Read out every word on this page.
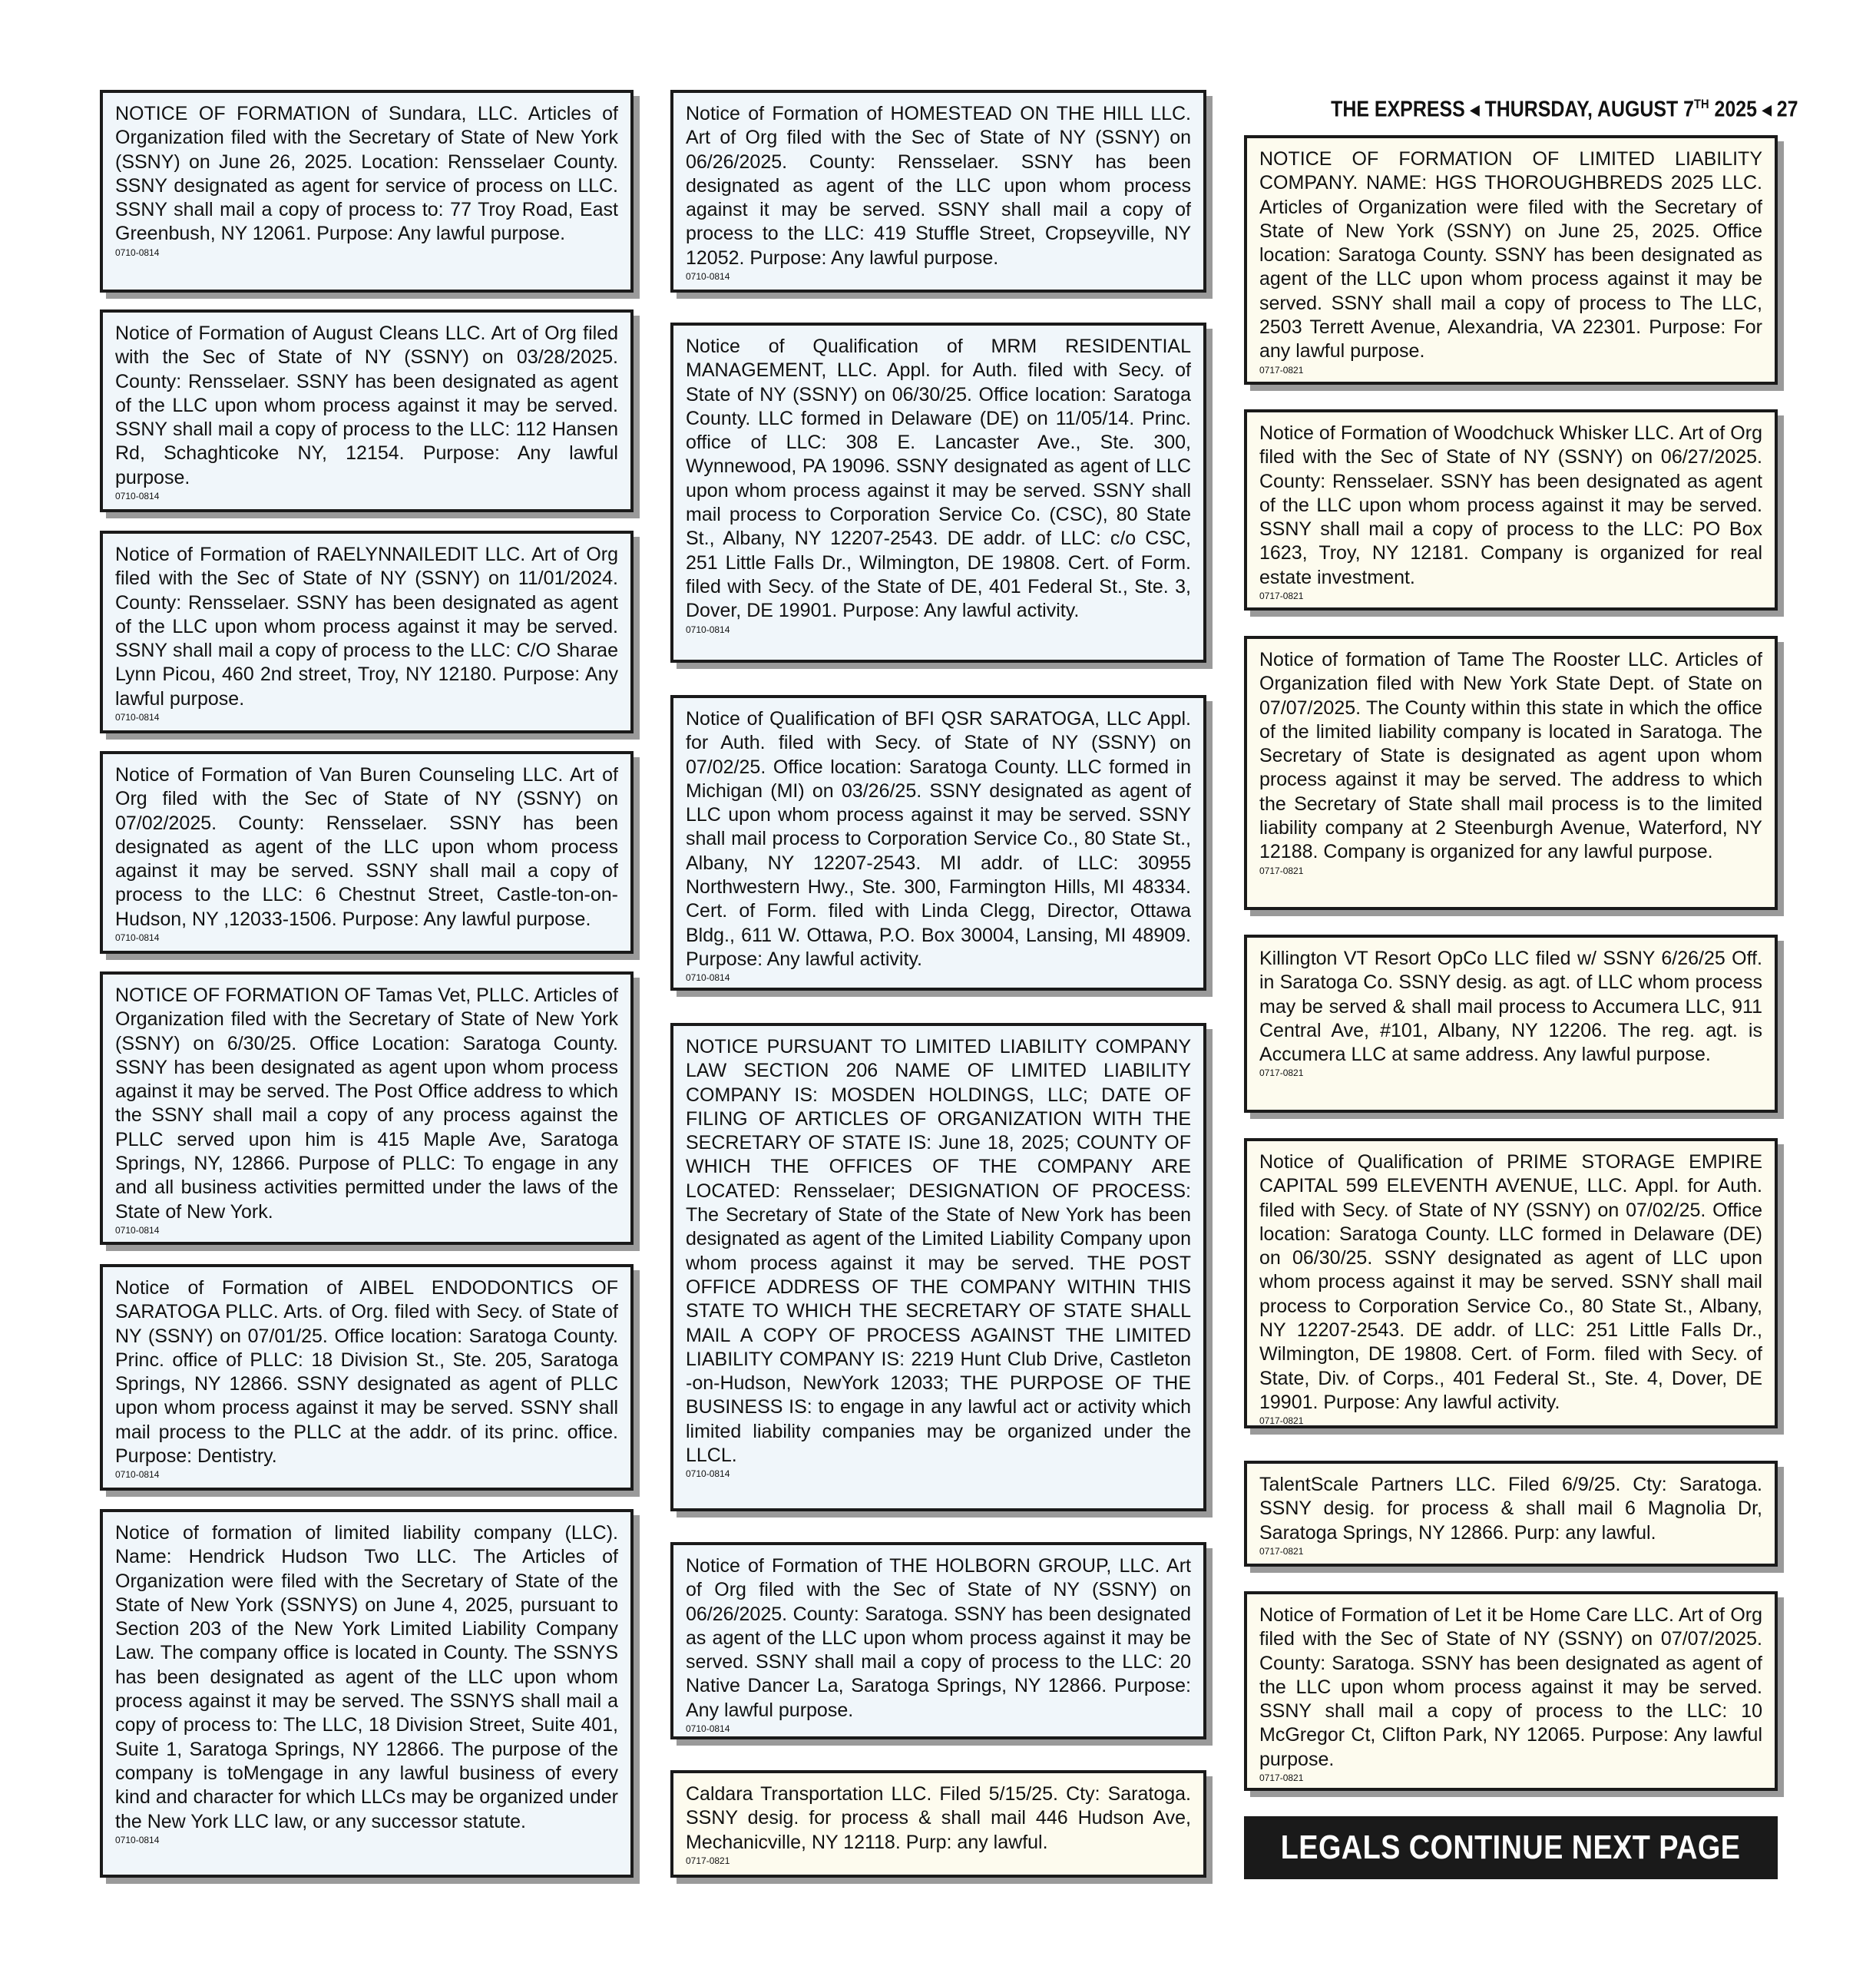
THE EXPRESS ◀ THURSDAY, AUGUST 7TH 2025 ◀ 27

NOTICE OF FORMATION of Sundara, LLC. Articles of Organization filed with the Secretary of State of New York (SSNY) on June 26, 2025. Location: Rensselaer County. SSNY designated as agent for service of process on LLC. SSNY shall mail a copy of process to: 77 Troy Road, East Greenbush, NY 12061. Purpose: Any lawful purpose.

0710-0814

Notice of Formation of August Cleans LLC. Art of Org filed with the Sec of State of NY (SSNY) on 03/28/2025. County: Rensselaer. SSNY has been designated as agent of the LLC upon whom process against it may be served. SSNY shall mail a copy of process to the LLC: 112 Hansen Rd, Schaghticoke NY, 12154. Purpose: Any lawful purpose.

0710-0814

Notice of Formation of RAELYNNAILEDIT LLC. Art of Org filed with the Sec of State of NY (SSNY) on 11/01/2024. County: Rensselaer. SSNY has been designated as agent of the LLC upon whom process against it may be served. SSNY shall mail a copy of process to the LLC: C/O Sharae Lynn Picou, 460 2nd street, Troy, NY 12180. Purpose: Any lawful purpose.

0710-0814

Notice of Formation of Van Buren Counseling LLC. Art of Org filed with the Sec of State of NY (SSNY) on 07/02/2025. County: Rensselaer. SSNY has been designated as agent of the LLC upon whom process against it may be served. SSNY shall mail a copy of process to the LLC: 6 Chestnut Street, Castle-ton-on-Hudson, NY ,12033-1506. Purpose: Any lawful purpose.

0710-0814

NOTICE OF FORMATION OF Tamas Vet, PLLC. Articles of Organization filed with the Secretary of State of New York (SSNY) on 6/30/25. Office Location: Saratoga County. SSNY has been designated as agent upon whom process against it may be served. The Post Office address to which the SSNY shall mail a copy of any process against the PLLC served upon him is 415 Maple Ave, Saratoga Springs, NY, 12866. Purpose of PLLC: To engage in any and all business activities permitted under the laws of the State of New York.

0710-0814

Notice of Formation of AIBEL ENDODONTICS OF SARATOGA PLLC. Arts. of Org. filed with Secy. of State of NY (SSNY) on 07/01/25. Office location: Saratoga County. Princ. office of PLLC: 18 Division St., Ste. 205, Saratoga Springs, NY 12866. SSNY designated as agent of PLLC upon whom process against it may be served. SSNY shall mail process to the PLLC at the addr. of its princ. office. Purpose: Dentistry.

0710-0814

Notice of formation of limited liability company (LLC). Name: Hendrick Hudson Two LLC. The Articles of Organization were filed with the Secretary of State of the State of New York (SSNYS) on June 4, 2025, pursuant to Section 203 of the New York Limited Liability Company Law. The company office is located in County. The SSNYS has been designated as agent of the LLC upon whom process against it may be served. The SSNYS shall mail a copy of process to: The LLC, 18 Division Street, Suite 401, Suite 1, Saratoga Springs, NY 12866. The purpose of the company is toMengage in any lawful business of every kind and character for which LLCs may be organized under the New York LLC law, or any successor statute.

0710-0814

Notice of Formation of HOMESTEAD ON THE HILL LLC. Art of Org filed with the Sec of State of NY (SSNY) on 06/26/2025. County: Rensselaer. SSNY has been designated as agent of the LLC upon whom process against it may be served. SSNY shall mail a copy of process to the LLC: 419 Stuffle Street, Cropseyville, NY 12052. Purpose: Any lawful purpose.

0710-0814

Notice of Qualification of MRM RESIDENTIAL MANAGEMENT, LLC. Appl. for Auth. filed with Secy. of State of NY (SSNY) on 06/30/25. Office location: Saratoga County. LLC formed in Delaware (DE) on 11/05/14. Princ. office of LLC: 308 E. Lancaster Ave., Ste. 300, Wynnewood, PA 19096. SSNY designated as agent of LLC upon whom process against it may be served. SSNY shall mail process to Corporation Service Co. (CSC), 80 State St., Albany, NY 12207-2543. DE addr. of LLC: c/o CSC, 251 Little Falls Dr., Wilmington, DE 19808. Cert. of Form. filed with Secy. of the State of DE, 401 Federal St., Ste. 3, Dover, DE 19901. Purpose: Any lawful activity.

0710-0814

Notice of Qualification of BFI QSR SARATOGA, LLC Appl. for Auth. filed with Secy. of State of NY (SSNY) on 07/02/25. Office location: Saratoga County. LLC formed in Michigan (MI) on 03/26/25. SSNY designated as agent of LLC upon whom process against it may be served. SSNY shall mail process to Corporation Service Co., 80 State St., Albany, NY 12207-2543. MI addr. of LLC: 30955 Northwestern Hwy., Ste. 300, Farmington Hills, MI 48334. Cert. of Form. filed with Linda Clegg, Director, Ottawa Bldg., 611 W. Ottawa, P.O. Box 30004, Lansing, MI 48909. Purpose: Any lawful activity.

0710-0814

NOTICE PURSUANT TO LIMITED LIABILITY COMPANY LAW SECTION 206 NAME OF LIMITED LIABILITY COMPANY IS: MOSDEN HOLDINGS, LLC; DATE OF FILING OF ARTICLES OF ORGANIZATION WITH THE SECRETARY OF STATE IS: June 18, 2025; COUNTY OF WHICH THE OFFICES OF THE COMPANY ARE LOCATED: Rensselaer; DESIGNATION OF PROCESS: The Secretary of State of the State of New York has been designated as agent of the Limited Liability Company upon whom process against it may be served. THE POST OFFICE ADDRESS OF THE COMPANY WITHIN THIS STATE TO WHICH THE SECRETARY OF STATE SHALL MAIL A COPY OF PROCESS AGAINST THE LIMITED LIABILITY COMPANY IS: 2219 Hunt Club Drive, Castleton -on-Hudson, NewYork 12033; THE PURPOSE OF THE BUSINESS IS: to engage in any lawful act or activity which limited liability companies may be organized under the LLCL.

0710-0814

Notice of Formation of THE HOLBORN GROUP, LLC. Art of Org filed with the Sec of State of NY (SSNY) on 06/26/2025. County: Saratoga. SSNY has been designated as agent of the LLC upon whom process against it may be served. SSNY shall mail a copy of process to the LLC: 20 Native Dancer La, Saratoga Springs, NY 12866. Purpose: Any lawful purpose.

0710-0814

Caldara Transportation LLC. Filed 5/15/25. Cty: Saratoga. SSNY desig. for process & shall mail 446 Hudson Ave, Mechanicville, NY 12118. Purp: any lawful.

0717-0821

NOTICE OF FORMATION OF LIMITED LIABILITY COMPANY. NAME: HGS THOROUGHBREDS 2025 LLC. Articles of Organization were filed with the Secretary of State of New York (SSNY) on June 25, 2025. Office location: Saratoga County. SSNY has been designated as agent of the LLC upon whom process against it may be served. SSNY shall mail a copy of process to The LLC, 2503 Terrett Avenue, Alexandria, VA 22301. Purpose: For any lawful purpose.

0717-0821

Notice of Formation of Woodchuck Whisker LLC. Art of Org filed with the Sec of State of NY (SSNY) on 06/27/2025. County: Rensselaer. SSNY has been designated as agent of the LLC upon whom process against it may be served. SSNY shall mail a copy of process to the LLC: PO Box 1623, Troy, NY 12181. Company is organized for real estate investment.

0717-0821

Notice of formation of Tame The Rooster LLC. Articles of Organization filed with New York State Dept. of State on 07/07/2025. The County within this state in which the office of the limited liability company is located in Saratoga. The Secretary of State is designated as agent upon whom process against it may be served. The address to which the Secretary of State shall mail process is to the limited liability company at 2 Steenburgh Avenue, Waterford, NY 12188. Company is organized for any lawful purpose.

0717-0821

Killington VT Resort OpCo LLC filed w/ SSNY 6/26/25 Off. in Saratoga Co. SSNY desig. as agt. of LLC whom process may be served & shall mail process to Accumera LLC, 911 Central Ave, #101, Albany, NY 12206. The reg. agt. is Accumera LLC at same address. Any lawful purpose.

0717-0821

Notice of Qualification of PRIME STORAGE EMPIRE CAPITAL 599 ELEVENTH AVENUE, LLC. Appl. for Auth. filed with Secy. of State of NY (SSNY) on 07/02/25. Office location: Saratoga County. LLC formed in Delaware (DE) on 06/30/25. SSNY designated as agent of LLC upon whom process against it may be served. SSNY shall mail process to Corporation Service Co., 80 State St., Albany, NY 12207-2543. DE addr. of LLC: 251 Little Falls Dr., Wilmington, DE 19808. Cert. of Form. filed with Secy. of State, Div. of Corps., 401 Federal St., Ste. 4, Dover, DE 19901. Purpose: Any lawful activity.

0717-0821

TalentScale Partners LLC. Filed 6/9/25. Cty: Saratoga. SSNY desig. for process & shall mail 6 Magnolia Dr, Saratoga Springs, NY 12866. Purp: any lawful.

0717-0821

Notice of Formation of Let it be Home Care LLC. Art of Org filed with the Sec of State of NY (SSNY) on 07/07/2025. County: Saratoga. SSNY has been designated as agent of the LLC upon whom process against it may be served. SSNY shall mail a copy of process to the LLC: 10 McGregor Ct, Clifton Park, NY 12065. Purpose: Any lawful purpose.

0717-0821
LEGALS CONTINUE NEXT PAGE
